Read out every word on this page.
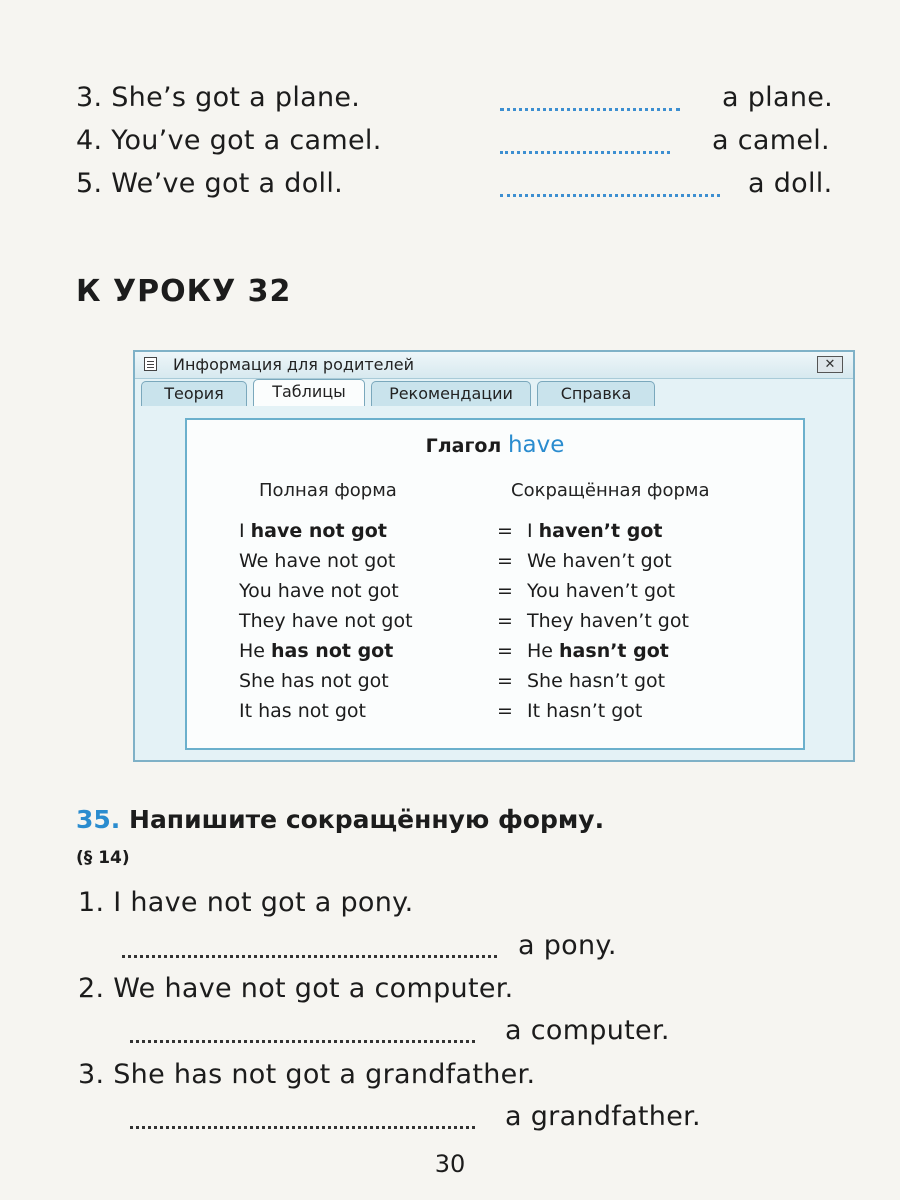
3. She’s got a plane.	a plane.
4. You’ve got a camel.	a camel.
5. We’ve got a doll.	a doll.
К УРОКУ 32
Информация для родителей	✕
Теория	Таблицы	Рекомендации	Справка
Глагол have
Полная форма	Сокращённая форма
I have not got	= I haven’t got
We have not got	= We haven’t got
You have not got	= You haven’t got
They have not got	= They haven’t got
He has not got	= He hasn’t got
She has not got	= She hasn’t got
It has not got	= It hasn’t got
35. Напишите сокращённую форму.
(§ 14)
1. I have not got a pony.
a pony.
2. We have not got a computer.
a computer.
3. She has not got a grandfather.
a grandfather.
30
